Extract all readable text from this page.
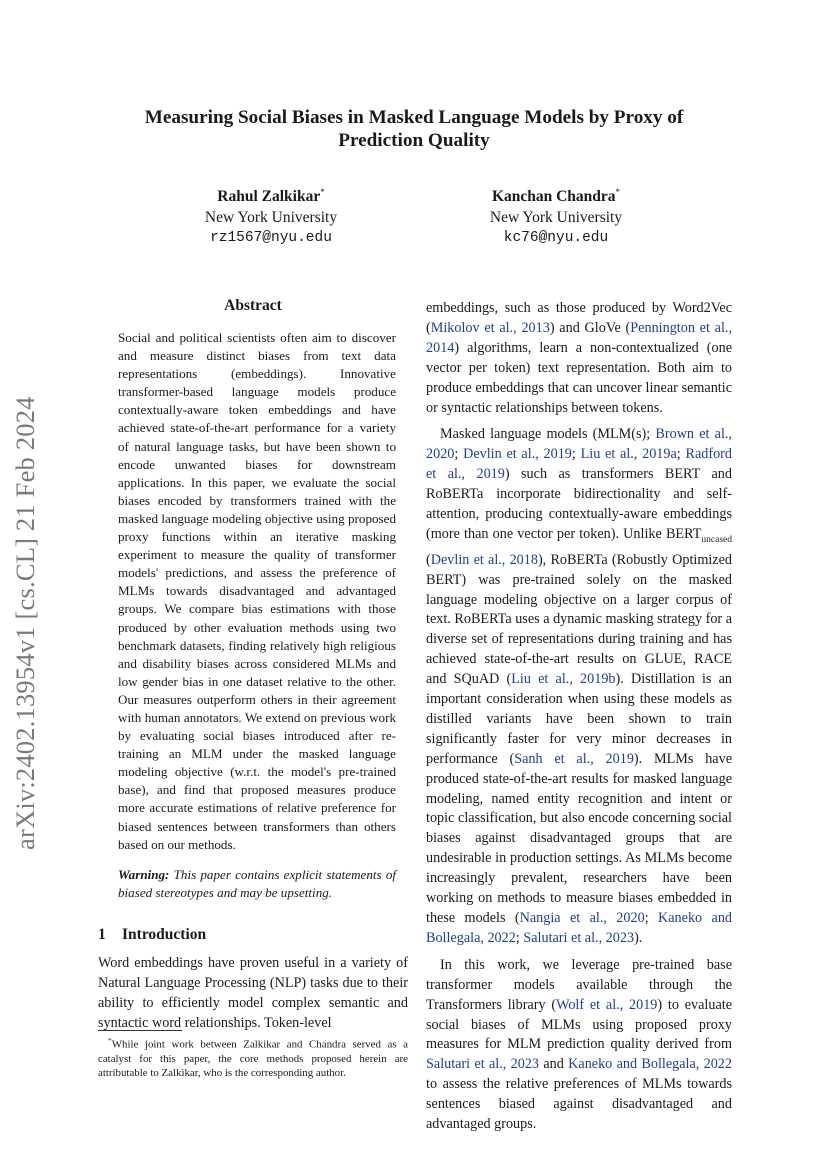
arXiv:2402.13954v1 [cs.CL] 21 Feb 2024
Measuring Social Biases in Masked Language Models by Proxy of Prediction Quality
Rahul Zalkikar*
New York University
rz1567@nyu.edu
Kanchan Chandra*
New York University
kc76@nyu.edu
Abstract

Social and political scientists often aim to discover and measure distinct biases from text data representations (embeddings). Innovative transformer-based language models produce contextually-aware token embeddings and have achieved state-of-the-art performance for a variety of natural language tasks, but have been shown to encode unwanted biases for downstream applications. In this paper, we evaluate the social biases encoded by transformers trained with the masked language modeling objective using proposed proxy functions within an iterative masking experiment to measure the quality of transformer models' predictions, and assess the preference of MLMs towards disadvantaged and advantaged groups. We compare bias estimations with those produced by other evaluation methods using two benchmark datasets, finding relatively high religious and disability biases across considered MLMs and low gender bias in one dataset relative to the other. Our measures outperform others in their agreement with human annotators. We extend on previous work by evaluating social biases introduced after re-training an MLM under the masked language modeling objective (w.r.t. the model's pre-trained base), and find that proposed measures produce more accurate estimations of relative preference for biased sentences between transformers than others based on our methods.

Warning: This paper contains explicit statements of biased stereotypes and may be upsetting.

1 Introduction

Word embeddings have proven useful in a variety of Natural Language Processing (NLP) tasks due to their ability to efficiently model complex semantic and syntactic word relationships. Token-level

embeddings, such as those produced by Word2Vec (Mikolov et al., 2013) and GloVe (Pennington et al., 2014) algorithms, learn a non-contextualized (one vector per token) text representation. Both aim to produce embeddings that can uncover linear semantic or syntactic relationships between tokens.

Masked language models (MLM(s); Brown et al., 2020; Devlin et al., 2019; Liu et al., 2019a; Radford et al., 2019) such as transformers BERT and RoBERTa incorporate bidirectionality and self-attention, producing contextually-aware embeddings (more than one vector per token). Unlike $BERT_{uncased}$ (Devlin et al., 2018), RoBERTa (Robustly Optimized BERT) was pre-trained solely on the masked language modeling objective on a larger corpus of text. RoBERTa uses a dynamic masking strategy for a diverse set of representations during training and has achieved state-of-the-art results on GLUE, RACE and SQuAD (Liu et al., 2019b). Distillation is an important consideration when using these models as distilled variants have been shown to train significantly faster for very minor decreases in performance (Sanh et al., 2019). MLMs have produced state-of-the-art results for masked language modeling, named entity recognition and intent or topic classification, but also encode concerning social biases against disadvantaged groups that are undesirable in production settings. As MLMs become increasingly prevalent, researchers have been working on methods to measure biases embedded in these models (Nangia et al., 2020; Kaneko and Bollegala, 2022; Salutari et al., 2023).

In this work, we leverage pre-trained base transformer models available through the Transformers library (Wolf et al., 2019) to evaluate social biases of MLMs using proposed proxy measures for MLM prediction quality derived from Salutari et al., 2023 and Kaneko and Bollegala, 2022 to assess the relative preferences of MLMs towards sentences biased against disadvantaged and advantaged groups.

*While joint work between Zalkikar and Chandra served as a catalyst for this paper, the core methods proposed herein are attributable to Zalkikar, who is the corresponding author.
